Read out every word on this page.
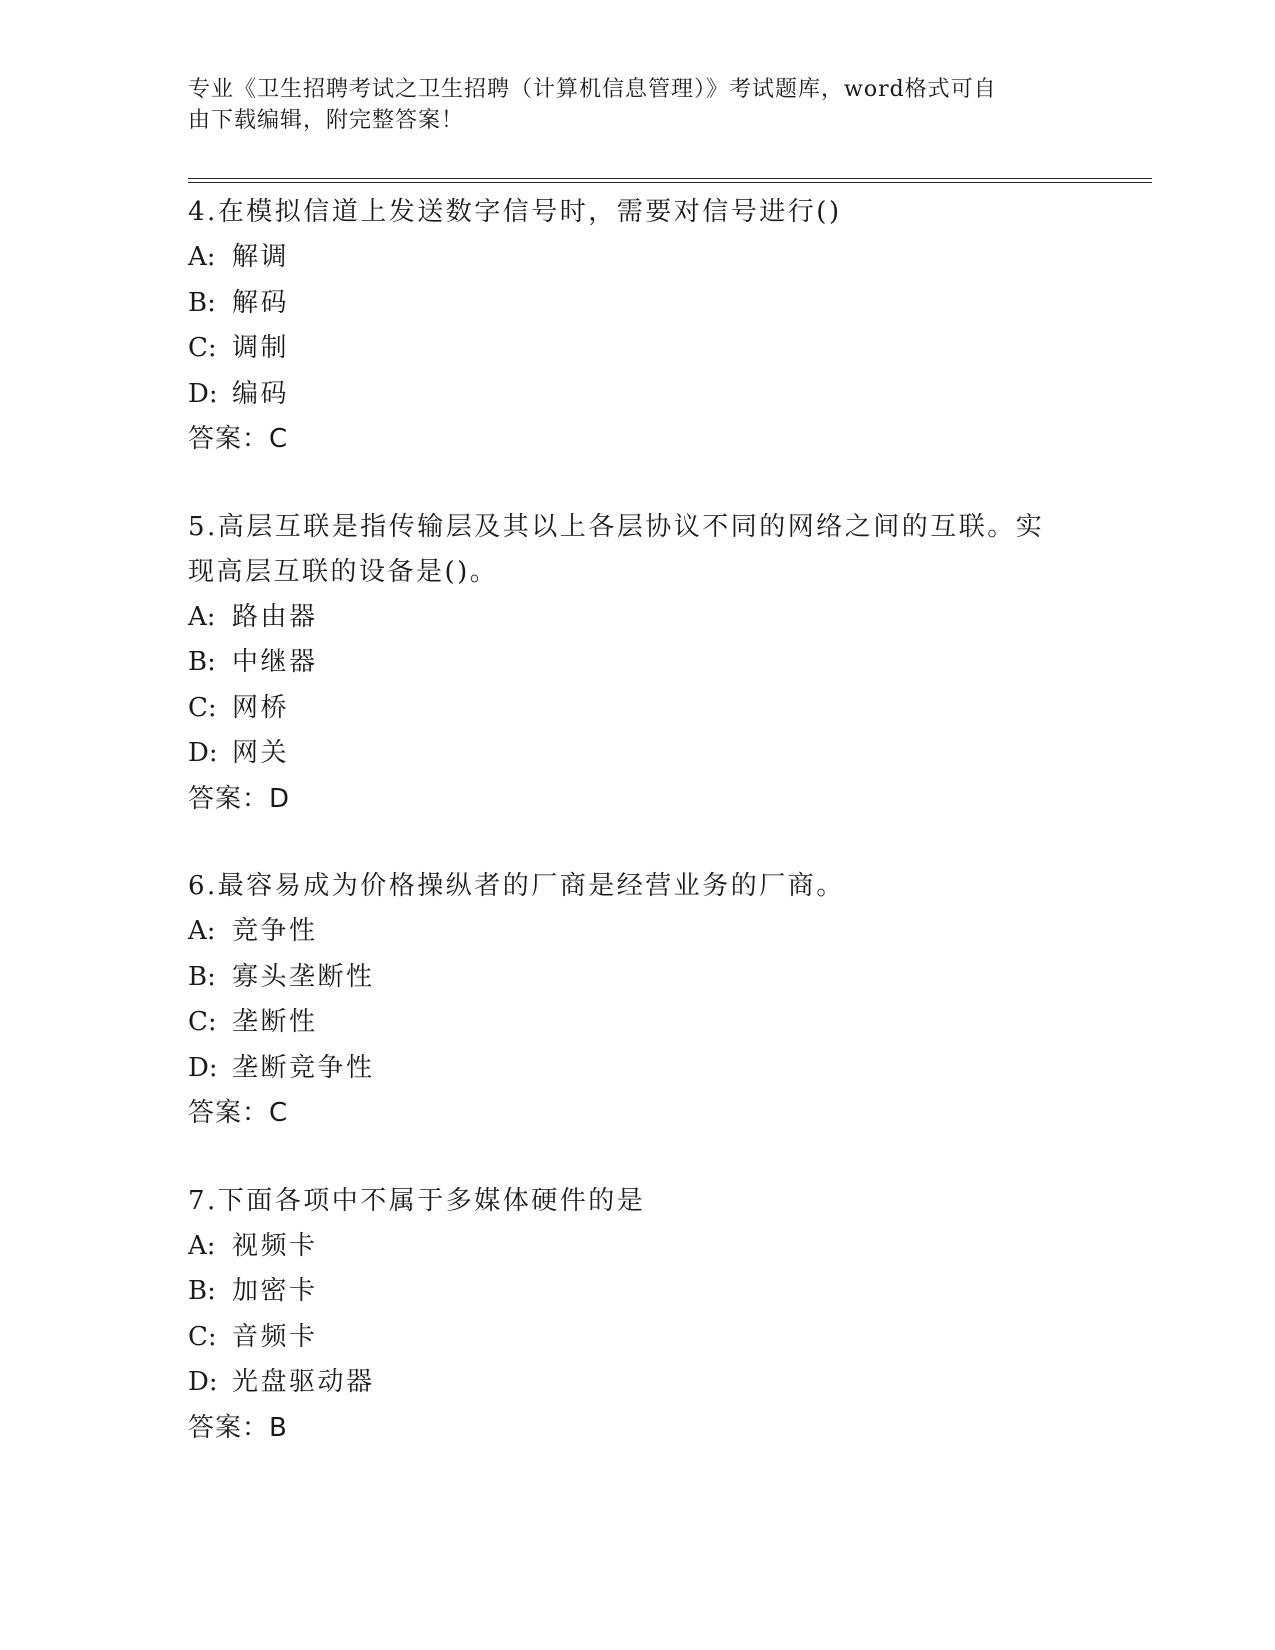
专业《卫生招聘考试之卫生招聘（计算机信息管理）》考试题库，word格式可自
由下载编辑，附完整答案！
4.在模拟信道上发送数字信号时，需要对信号进行()
A: 解调
B: 解码
C: 调制
D: 编码
答案：C
5.高层互联是指传输层及其以上各层协议不同的网络之间的互联。实
现高层互联的设备是()。
A: 路由器
B: 中继器
C: 网桥
D: 网关
答案：D
6.最容易成为价格操纵者的厂商是经营业务的厂商。
A: 竞争性
B: 寡头垄断性
C: 垄断性
D: 垄断竞争性
答案：C
7.下面各项中不属于多媒体硬件的是
A: 视频卡
B: 加密卡
C: 音频卡
D: 光盘驱动器
答案：B
